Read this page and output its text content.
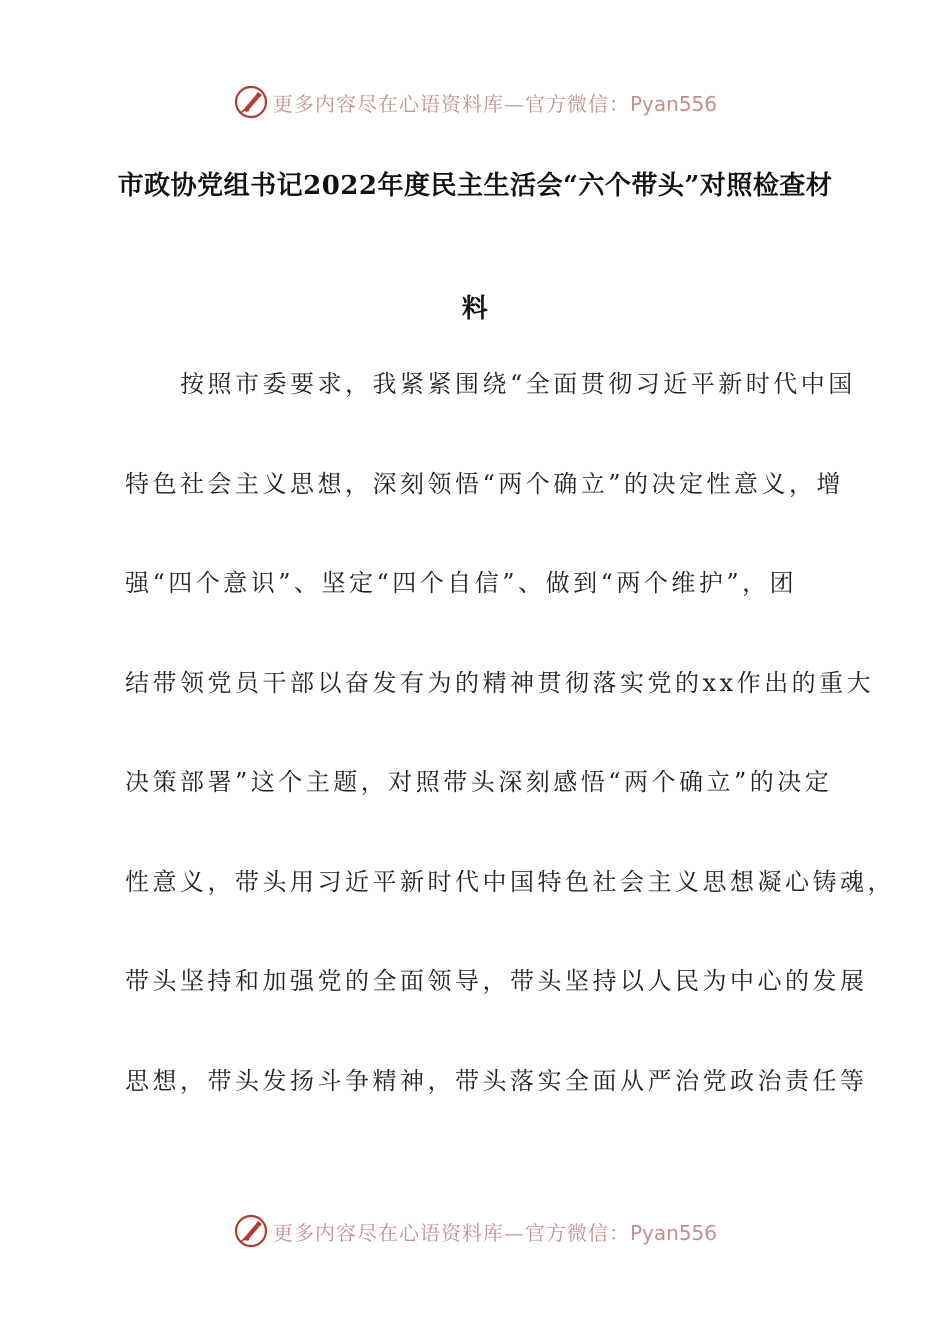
更多内容尽在心语资料库—官方微信：Pyan556
市政协党组书记2022年度民主生活会“六个带头”对照检查材
料
　　按照市委要求，我紧紧围绕“全面贯彻习近平新时代中国
特色社会主义思想，深刻领悟“两个确立”的决定性意义，增
强“四个意识”、坚定“四个自信”、做到“两个维护”，团
结带领党员干部以奋发有为的精神贯彻落实党的xx作出的重大
决策部署”这个主题，对照带头深刻感悟“两个确立”的决定
性意义，带头用习近平新时代中国特色社会主义思想凝心铸魂，
带头坚持和加强党的全面领导，带头坚持以人民为中心的发展
思想，带头发扬斗争精神，带头落实全面从严治党政治责任等
更多内容尽在心语资料库—官方微信：Pyan556
